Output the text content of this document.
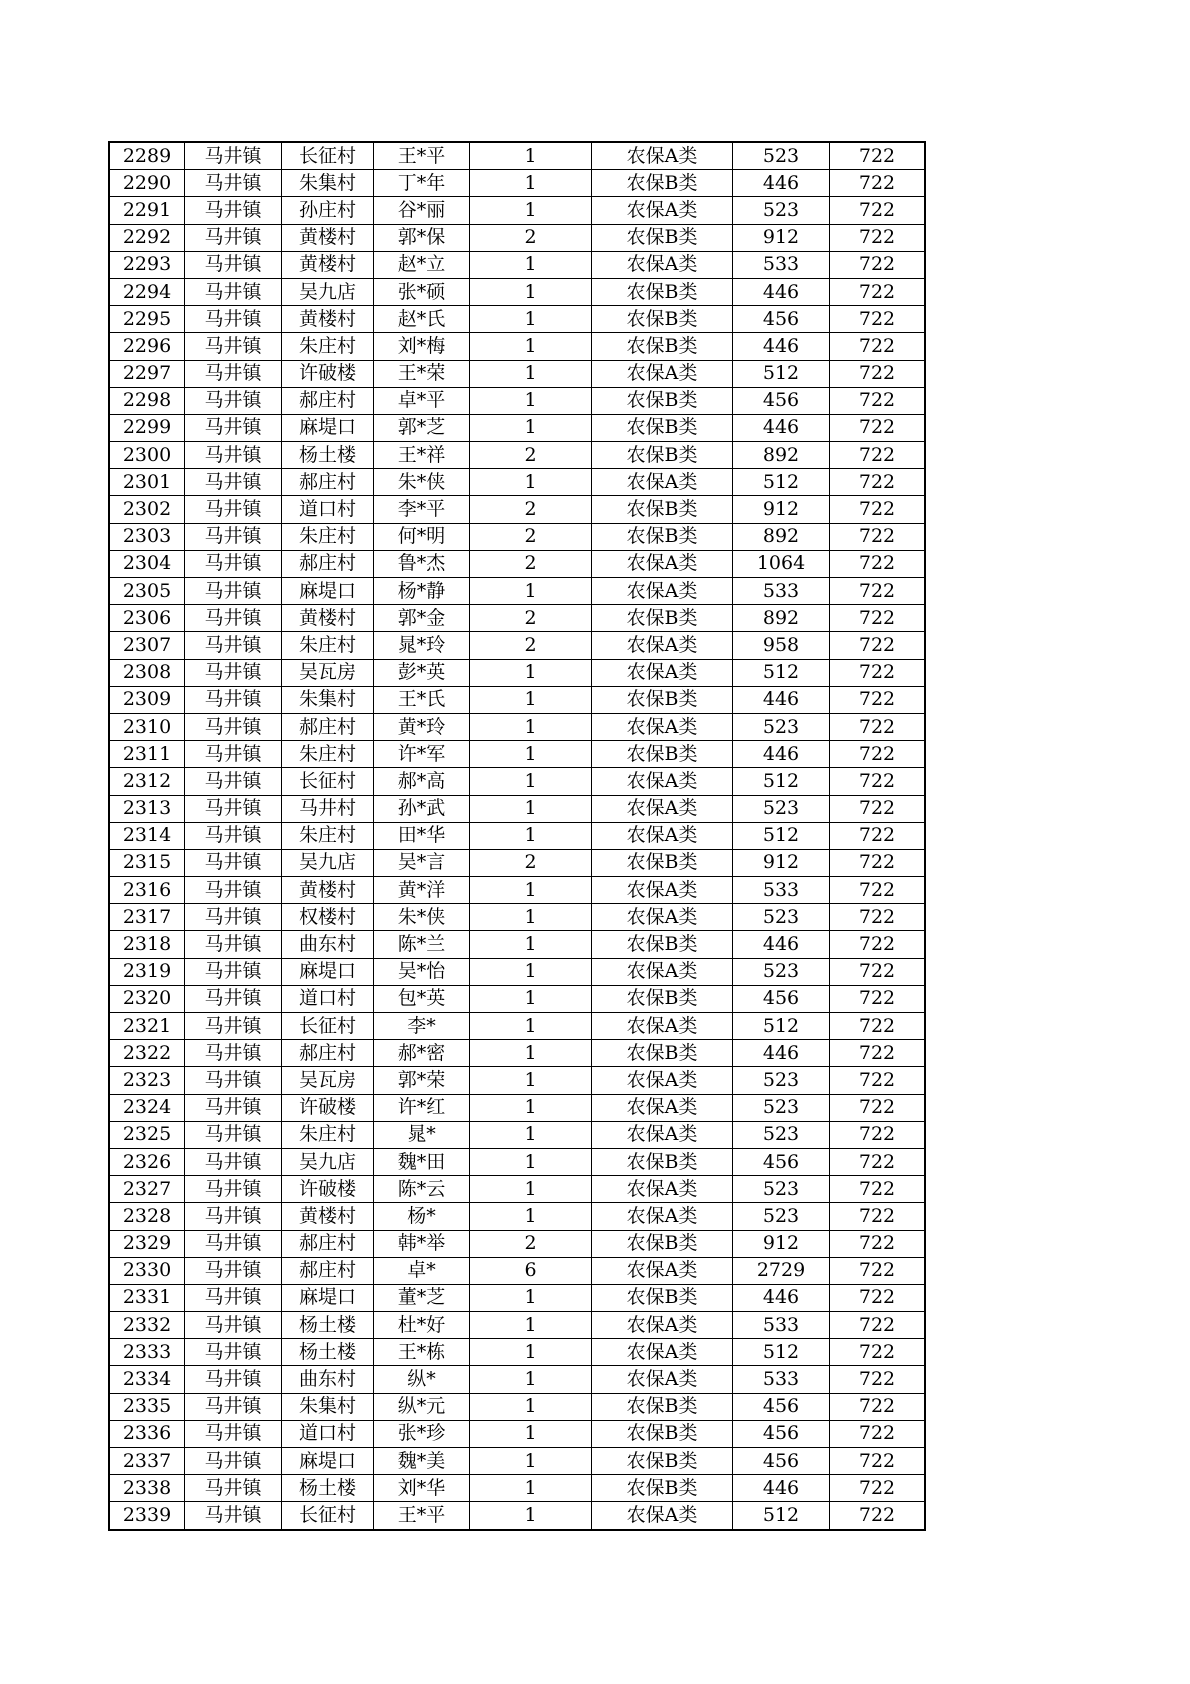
2289	马井镇	长征村	王*平	1	农保A类	523	722
2290	马井镇	朱集村	丁*年	1	农保B类	446	722
2291	马井镇	孙庄村	谷*丽	1	农保A类	523	722
2292	马井镇	黄楼村	郭*保	2	农保B类	912	722
2293	马井镇	黄楼村	赵*立	1	农保A类	533	722
2294	马井镇	吴九店	张*硕	1	农保B类	446	722
2295	马井镇	黄楼村	赵*氏	1	农保B类	456	722
2296	马井镇	朱庄村	刘*梅	1	农保B类	446	722
2297	马井镇	许破楼	王*荣	1	农保A类	512	722
2298	马井镇	郝庄村	卓*平	1	农保B类	456	722
2299	马井镇	麻堤口	郭*芝	1	农保B类	446	722
2300	马井镇	杨土楼	王*祥	2	农保B类	892	722
2301	马井镇	郝庄村	朱*侠	1	农保A类	512	722
2302	马井镇	道口村	李*平	2	农保B类	912	722
2303	马井镇	朱庄村	何*明	2	农保B类	892	722
2304	马井镇	郝庄村	鲁*杰	2	农保A类	1064	722
2305	马井镇	麻堤口	杨*静	1	农保A类	533	722
2306	马井镇	黄楼村	郭*金	2	农保B类	892	722
2307	马井镇	朱庄村	晁*玲	2	农保A类	958	722
2308	马井镇	吴瓦房	彭*英	1	农保A类	512	722
2309	马井镇	朱集村	王*氏	1	农保B类	446	722
2310	马井镇	郝庄村	黄*玲	1	农保A类	523	722
2311	马井镇	朱庄村	许*军	1	农保B类	446	722
2312	马井镇	长征村	郝*高	1	农保A类	512	722
2313	马井镇	马井村	孙*武	1	农保A类	523	722
2314	马井镇	朱庄村	田*华	1	农保A类	512	722
2315	马井镇	吴九店	吴*言	2	农保B类	912	722
2316	马井镇	黄楼村	黄*洋	1	农保A类	533	722
2317	马井镇	权楼村	朱*侠	1	农保A类	523	722
2318	马井镇	曲东村	陈*兰	1	农保B类	446	722
2319	马井镇	麻堤口	吴*怡	1	农保A类	523	722
2320	马井镇	道口村	包*英	1	农保B类	456	722
2321	马井镇	长征村	李*	1	农保A类	512	722
2322	马井镇	郝庄村	郝*密	1	农保B类	446	722
2323	马井镇	吴瓦房	郭*荣	1	农保A类	523	722
2324	马井镇	许破楼	许*红	1	农保A类	523	722
2325	马井镇	朱庄村	晁*	1	农保A类	523	722
2326	马井镇	吴九店	魏*田	1	农保B类	456	722
2327	马井镇	许破楼	陈*云	1	农保A类	523	722
2328	马井镇	黄楼村	杨*	1	农保A类	523	722
2329	马井镇	郝庄村	韩*举	2	农保B类	912	722
2330	马井镇	郝庄村	卓*	6	农保A类	2729	722
2331	马井镇	麻堤口	董*芝	1	农保B类	446	722
2332	马井镇	杨土楼	杜*好	1	农保A类	533	722
2333	马井镇	杨土楼	王*栋	1	农保A类	512	722
2334	马井镇	曲东村	纵*	1	农保A类	533	722
2335	马井镇	朱集村	纵*元	1	农保B类	456	722
2336	马井镇	道口村	张*珍	1	农保B类	456	722
2337	马井镇	麻堤口	魏*美	1	农保B类	456	722
2338	马井镇	杨土楼	刘*华	1	农保B类	446	722
2339	马井镇	长征村	王*平	1	农保A类	512	722
